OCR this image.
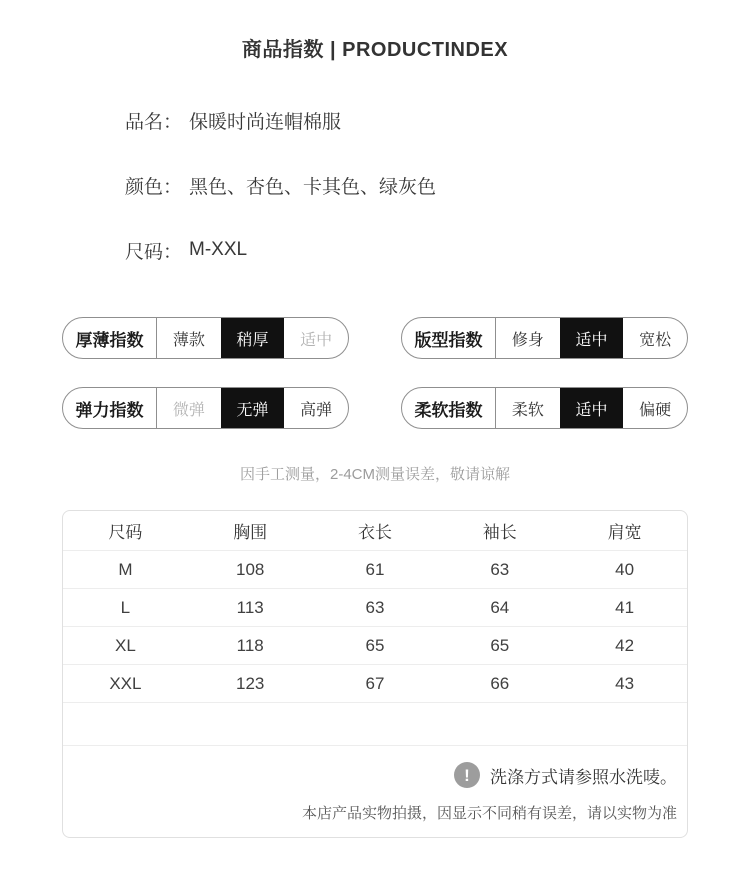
商品指数 | PRODUCTINDEX
品名： 保暖时尚连帽棉服
颜色： 黑色、杏色、卡其色、绿灰色
尺码： M-XXL
厚薄指数	薄款	稍厚	适中	版型指数	修身	适中	宽松
弹力指数	微弹	无弹	高弹	柔软指数	柔软	适中	偏硬
因手工测量，2-4CM测量误差，敬请谅解
尺码	胸围	衣长	袖长	肩宽
M	108	61	63	40
L	113	63	64	41
XL	118	65	65	42
XXL	123	67	66	43
!	洗涤方式请参照水洗唛。
本店产品实物拍摄，因显示不同稍有误差，请以实物为准
